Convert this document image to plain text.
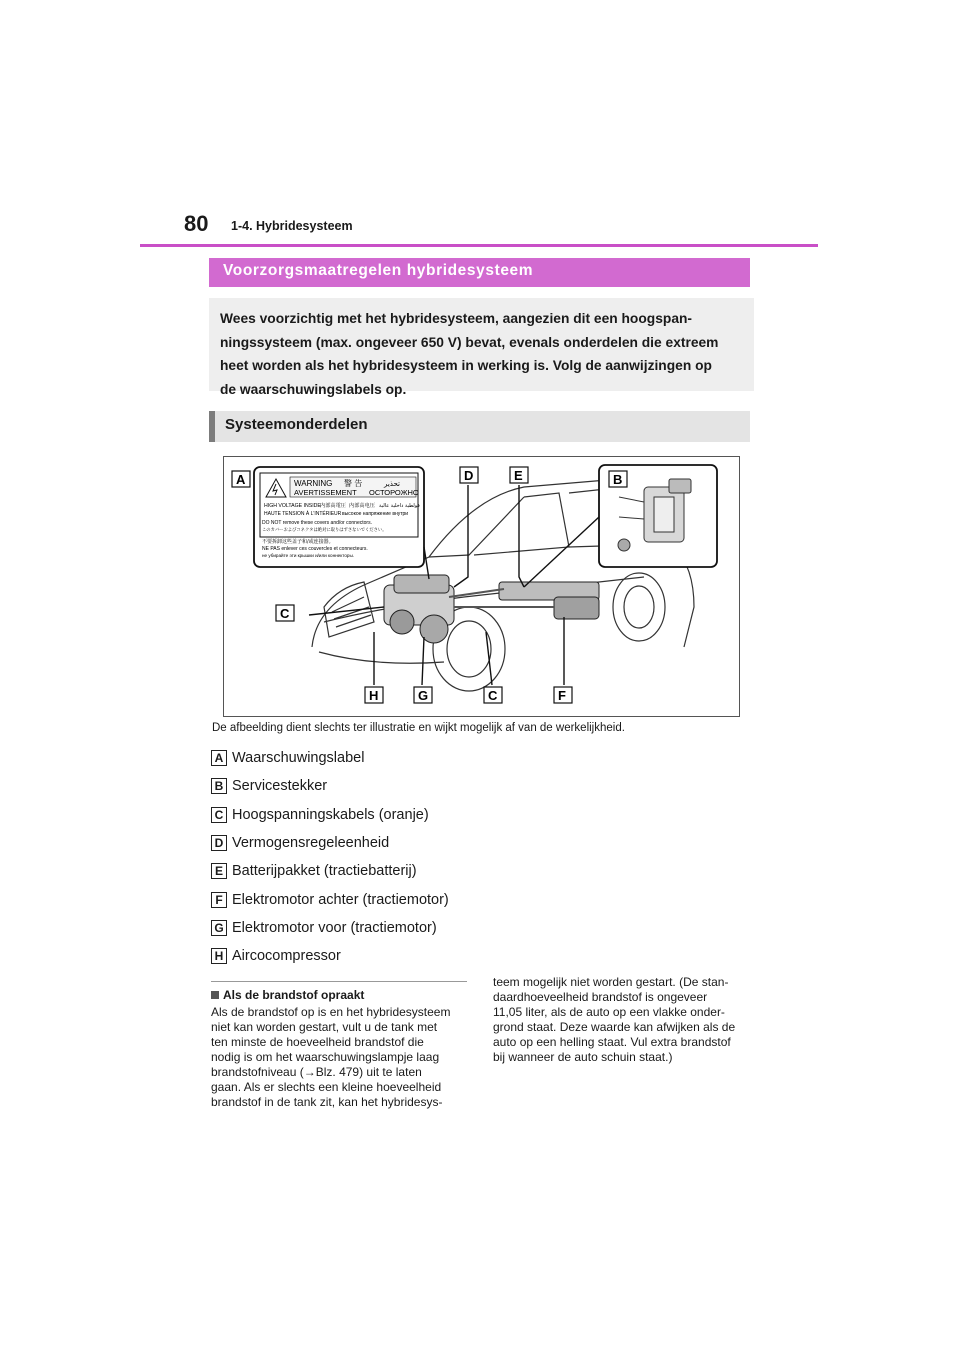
80 1-4. Hybridesysteem
Voorzorgsmaatregelen hybridesysteem
Wees voorzichtig met het hybridesysteem, aangezien dit een hoogspan-
ningssysteem (max. ongeveer 650 V) bevat, evenals onderdelen die extreem
heet worden als het hybridesysteem in werking is. Volg de aanwijzingen op
de waarschuwingslabels op.
Systeemonderdelen
WARNING 警 告	تحذير
AVERTISSEMENT ОСТОРОЖНО
HIGH VOLTAGE INSIDE 内部高電圧 内部高电压 فولطية داخلية عالية
HAUTE TENSION À L'INTÉRIEUR высокое напряжение внутри
DO NOT remove these covers and/or connectors.
このカバーおよびコネクタは絶対に取りはずさないでください。
不要拆卸这些盖子和/或连接器。
NE PAS enlever ces couvercles et connecteurs.
не убирайте эти крышки и/или коннекторы.
A	B
C
D	E
C	F
G
H
De afbeelding dient slechts ter illustratie en wijkt mogelijk af van de werkelijkheid.
A Waarschuwingslabel
B Servicestekker
C Hoogspanningskabels (oranje)
D Vermogensregeleenheid
E Batterijpakket (tractiebatterij)
F Elektromotor achter (tractiemotor)
G Elektromotor voor (tractiemotor)
H Aircocompressor
Als de brandstof opraakt
Als de brandstof op is en het hybridesysteem
niet kan worden gestart, vult u de tank met
ten minste de hoeveelheid brandstof die
nodig is om het waarschuwingslampje laag
brandstofniveau (→Blz. 479) uit te laten
gaan. Als er slechts een kleine hoeveelheid
brandstof in de tank zit, kan het hybridesys-
teem mogelijk niet worden gestart. (De stan-
daardhoeveelheid brandstof is ongeveer
11,05 liter, als de auto op een vlakke onder-
grond staat. Deze waarde kan afwijken als de
auto op een helling staat. Vul extra brandstof
bij wanneer de auto schuin staat.)
